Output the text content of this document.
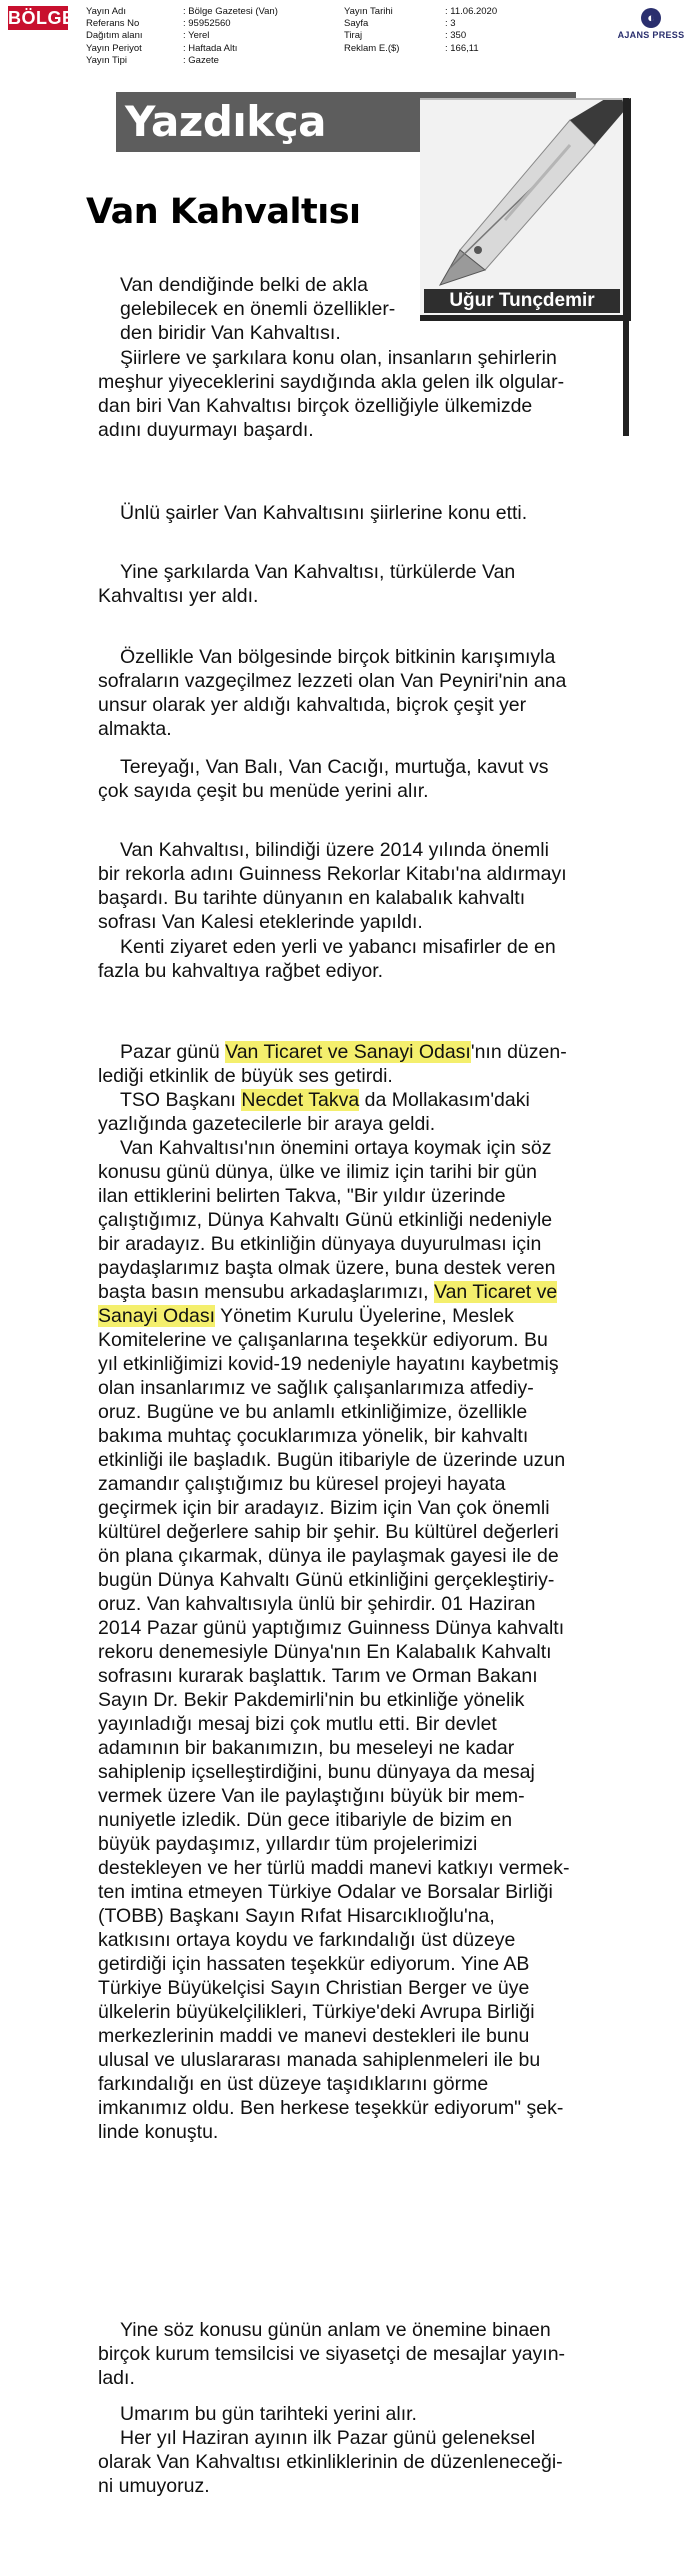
BÖLGE Yayın Adı	: Bölge Gazetesi (Van)
Referans No	: 95952560
Dağıtım alanı	: Yerel
Yayın Periyot	: Haftada Altı
Yayın Tipi	: Gazete
Yayın Tarihi	: 11.06.2020
Sayfa	: 3
Tiraj	: 350
Reklam E.($)	: 166,11
◐
AJANS PRESS
Yazdıkça
Uğur Tunçdemir
Van Kahvaltısı
Van dendiğinde belki de akla
gelebilecek en önemli özellikler-
den biridir Van Kahvaltısı.
Şiirlere ve şarkılara konu olan, insanların şehirlerin
meşhur yiyeceklerini saydığında akla gelen ilk olgular-
dan biri Van Kahvaltısı birçok özelliğiyle ülkemizde
adını duyurmayı başardı.
Ünlü şairler Van Kahvaltısını şiirlerine konu etti.
Yine şarkılarda Van Kahvaltısı, türkülerde Van
Kahvaltısı yer aldı.
Özellikle Van bölgesinde birçok bitkinin karışımıyla
sofraların vazgeçilmez lezzeti olan Van Peyniri'nin ana
unsur olarak yer aldığı kahvaltıda, biçrok çeşit yer
almakta.
Tereyağı, Van Balı, Van Cacığı, murtuğa, kavut vs
çok sayıda çeşit bu menüde yerini alır.
Van Kahvaltısı, bilindiği üzere 2014 yılında önemli
bir rekorla adını Guinness Rekorlar Kitabı'na aldırmayı
başardı. Bu tarihte dünyanın en kalabalık kahvaltı
sofrası Van Kalesi eteklerinde yapıldı.
Kenti ziyaret eden yerli ve yabancı misafirler de en
fazla bu kahvaltıya rağbet ediyor.
Pazar günü Van Ticaret ve Sanayi Odası'nın düzen-
lediği etkinlik de büyük ses getirdi.
TSO Başkanı Necdet Takva da Mollakasım'daki
yazlığında gazetecilerle bir araya geldi.
Van Kahvaltısı'nın önemini ortaya koymak için söz
konusu günü dünya, ülke ve ilimiz için tarihi bir gün
ilan ettiklerini belirten Takva, "Bir yıldır üzerinde
çalıştığımız, Dünya Kahvaltı Günü etkinliği nedeniyle
bir aradayız. Bu etkinliğin dünyaya duyurulması için
paydaşlarımız başta olmak üzere, buna destek veren
başta basın mensubu arkadaşlarımızı, Van Ticaret ve
Sanayi Odası Yönetim Kurulu Üyelerine, Meslek
Komitelerine ve çalışanlarına teşekkür ediyorum. Bu
yıl etkinliğimizi kovid-19 nedeniyle hayatını kaybetmiş
olan insanlarımız ve sağlık çalışanlarımıza atfediy-
oruz. Bugüne ve bu anlamlı etkinliğimize, özellikle
bakıma muhtaç çocuklarımıza yönelik, bir kahvaltı
etkinliği ile başladık. Bugün itibariyle de üzerinde uzun
zamandır çalıştığımız bu küresel projeyi hayata
geçirmek için bir aradayız. Bizim için Van çok önemli
kültürel değerlere sahip bir şehir. Bu kültürel değerleri
ön plana çıkarmak, dünya ile paylaşmak gayesi ile de
bugün Dünya Kahvaltı Günü etkinliğini gerçekleştiriy-
oruz. Van kahvaltısıyla ünlü bir şehirdir. 01 Haziran
2014 Pazar günü yaptığımız Guinness Dünya kahvaltı
rekoru denemesiyle Dünya'nın En Kalabalık Kahvaltı
sofrasını kurarak başlattık. Tarım ve Orman Bakanı
Sayın Dr. Bekir Pakdemirli'nin bu etkinliğe yönelik
yayınladığı mesaj bizi çok mutlu etti. Bir devlet
adamının bir bakanımızın, bu meseleyi ne kadar
sahiplenip içselleştirdiğini, bunu dünyaya da mesaj
vermek üzere Van ile paylaştığını büyük bir mem-
nuniyetle izledik. Dün gece itibariyle de bizim en
büyük paydaşımız, yıllardır tüm projelerimizi
destekleyen ve her türlü maddi manevi katkıyı vermek-
ten imtina etmeyen Türkiye Odalar ve Borsalar Birliği
(TOBB) Başkanı Sayın Rıfat Hisarcıklıoğlu'na,
katkısını ortaya koydu ve farkındalığı üst düzeye
getirdiği için hassaten teşekkür ediyorum. Yine AB
Türkiye Büyükelçisi Sayın Christian Berger ve üye
ülkelerin büyükelçilikleri, Türkiye'deki Avrupa Birliği
merkezlerinin maddi ve manevi destekleri ile bunu
ulusal ve uluslararası manada sahiplenmeleri ile bu
farkındalığı en üst düzeye taşıdıklarını görme
imkanımız oldu. Ben herkese teşekkür ediyorum" şek-
linde konuştu.
Yine söz konusu günün anlam ve önemine binaen
birçok kurum temsilcisi ve siyasetçi de mesajlar yayın-
ladı.
Umarım bu gün tarihteki yerini alır.
Her yıl Haziran ayının ilk Pazar günü geleneksel
olarak Van Kahvaltısı etkinliklerinin de düzenleneceği-
ni umuyoruz.
